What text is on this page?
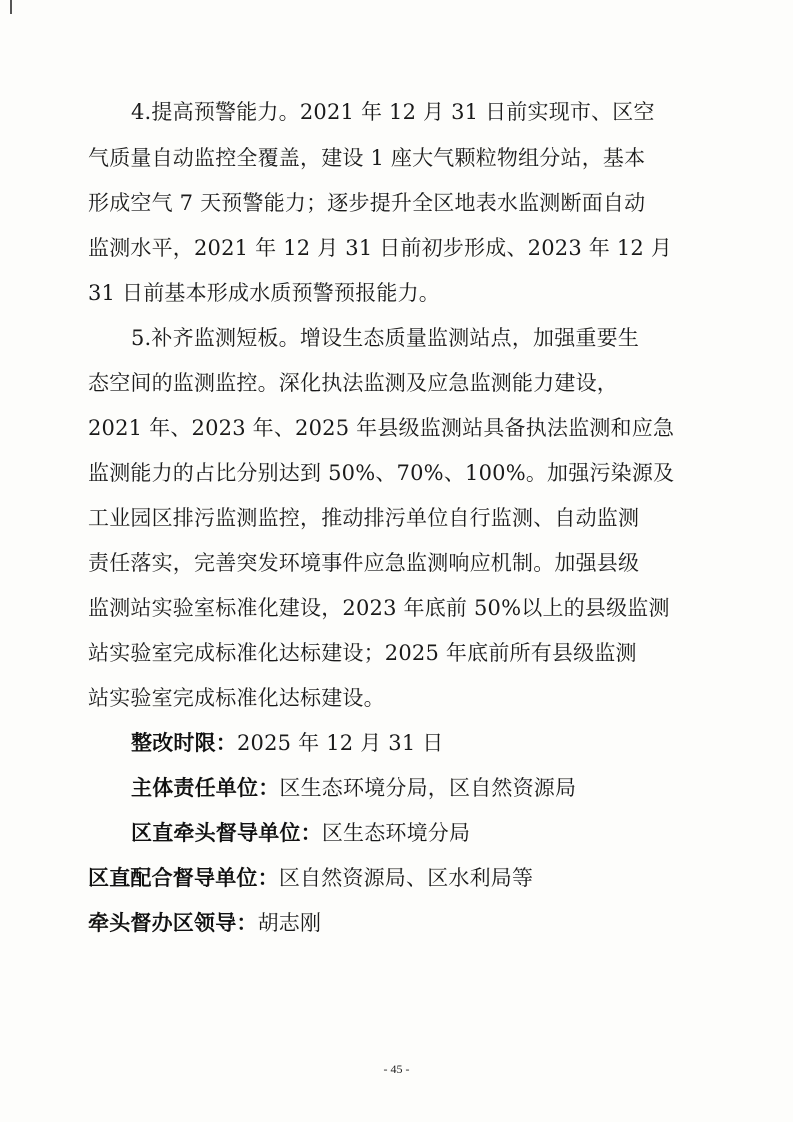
4.提高预警能力。2021 年 12 月 31 日前实现市、区空
气质量自动监控全覆盖，建设 1 座大气颗粒物组分站，基本
形成空气 7 天预警能力；逐步提升全区地表水监测断面自动
监测水平，2021 年 12 月 31 日前初步形成、2023 年 12 月
31 日前基本形成水质预警预报能力。
5.补齐监测短板。增设生态质量监测站点，加强重要生
态空间的监测监控。深化执法监测及应急监测能力建设，
2021 年、2023 年、2025 年县级监测站具备执法监测和应急
监测能力的占比分别达到 50%、70%、100%。加强污染源及
工业园区排污监测监控，推动排污单位自行监测、自动监测
责任落实，完善突发环境事件应急监测响应机制。加强县级
监测站实验室标准化建设，2023 年底前 50%以上的县级监测
站实验室完成标准化达标建设；2025 年底前所有县级监测
站实验室完成标准化达标建设。
整改时限：2025 年 12 月 31 日
主体责任单位：区生态环境分局，区自然资源局
区直牵头督导单位：区生态环境分局
区直配合督导单位：区自然资源局、区水利局等
牵头督办区领导：胡志刚
- 45 -
